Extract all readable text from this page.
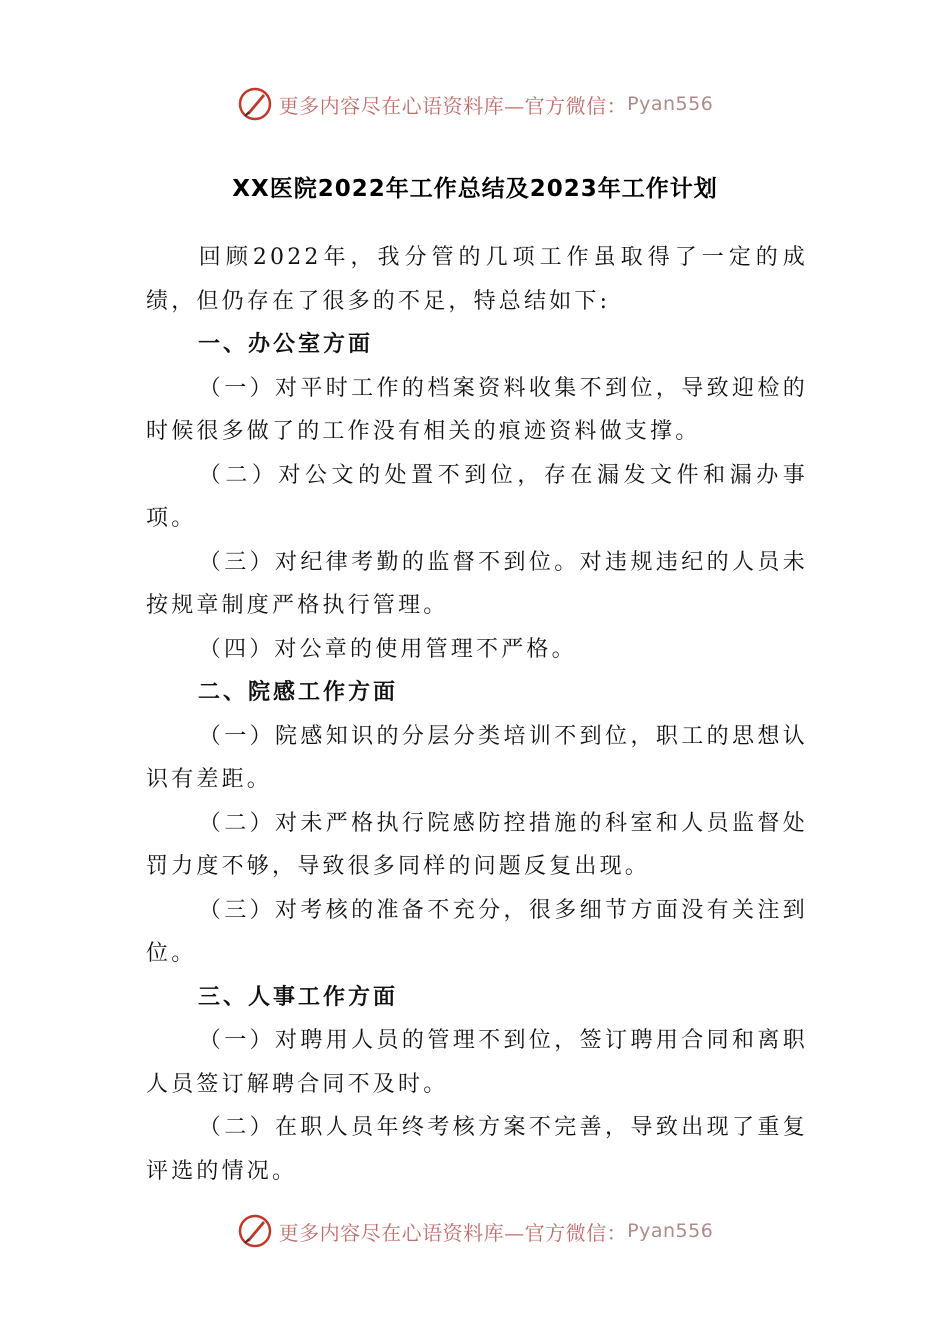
更多内容尽在心语资料库—官方微信： Pyan556
XX医院2022年工作总结及2023年工作计划

回顾2022年，我分管的几项工作虽取得了一定的成绩，但仍存在了很多的不足，特总结如下:

一、办公室方面

（一）对平时工作的档案资料收集不到位，导致迎检的时候很多做了的工作没有相关的痕迹资料做支撑。

（二）对公文的处置不到位，存在漏发文件和漏办事项。

（三）对纪律考勤的监督不到位。对违规违纪的人员未按规章制度严格执行管理。

（四）对公章的使用管理不严格。

二、院感工作方面

（一）院感知识的分层分类培训不到位，职工的思想认识有差距。

（二）对未严格执行院感防控措施的科室和人员监督处罚力度不够，导致很多同样的问题反复出现。

（三）对考核的准备不充分，很多细节方面没有关注到位。

三、人事工作方面

（一）对聘用人员的管理不到位，签订聘用合同和离职人员签订解聘合同不及时。

（二）在职人员年终考核方案不完善，导致出现了重复评选的情况。

更多内容尽在心语资料库—官方微信： Pyan556
